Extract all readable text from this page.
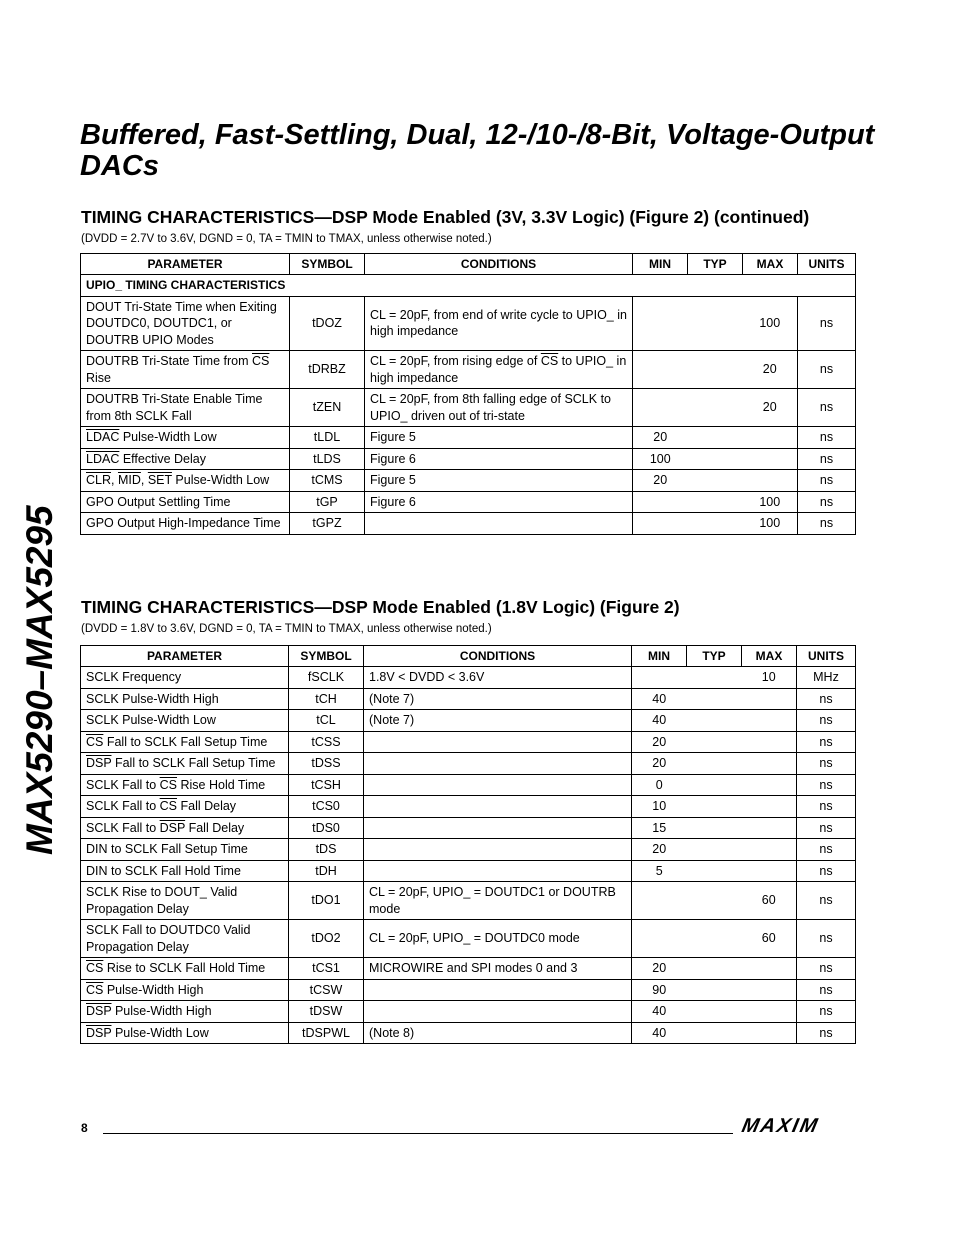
MAX5290–MAX5295
Buffered, Fast-Settling, Dual, 12-/10-/8-Bit, Voltage-Output DACs
TIMING CHARACTERISTICS—DSP Mode Enabled (3V, 3.3V Logic) (Figure 2) (continued)
(DVDD = 2.7V to 3.6V, DGND = 0, TA = TMIN to TMAX, unless otherwise noted.)
PARAMETER	SYMBOL	CONDITIONS	MIN	TYP	MAX	UNITS
UPIO_ TIMING CHARACTERISTICS						
DOUT Tri-State Time when Exiting DOUTDC0, DOUTDC1, or DOUTRB UPIO Modes	tDOZ	CL = 20pF, from end of write cycle to UPIO_ in high impedance			100	ns
DOUTRB Tri-State Time from $\overline{CS}$ Rise	tDRBZ	CL = 20pF, from rising edge of $\overline{CS}$ to UPIO_ in high impedance			20	ns
DOUTRB Tri-State Enable Time from 8th SCLK Fall	tZEN	CL = 20pF, from 8th falling edge of SCLK to UPIO_ driven out of tri-state			20	ns
LDAC Pulse-Width Low	tLDL	Figure 5	20			ns
LDAC Effective Delay	tLDS	Figure 6	100			ns
$\overline{CLR}$, $\overline{MID}$, $\overline{SET}$ Pulse-Width Low	tCMS	Figure 5	20			ns
GPO Output Settling Time	tGP	Figure 6			100	ns
GPO Output High-Impedance Time	tGPZ				100	ns
TIMING CHARACTERISTICS—DSP Mode Enabled (1.8V Logic) (Figure 2)
(DVDD = 1.8V to 3.6V, DGND = 0, TA = TMIN to TMAX, unless otherwise noted.)
PARAMETER	SYMBOL	CONDITIONS	MIN	TYP	MAX	UNITS
SCLK Frequency	fSCLK	1.8V < DVDD < 3.6V			10	MHz
SCLK Pulse-Width High	tCH	(Note 7)	40			ns
SCLK Pulse-Width Low	tCL	(Note 7)	40			ns
$\overline{CS}$ Fall to SCLK Fall Setup Time	tCSS		20			ns
$\overline{DSP}$ Fall to SCLK Fall Setup Time	tDSS		20			ns
SCLK Fall to $\overline{CS}$ Rise Hold Time	tCSH		0			ns
SCLK Fall to $\overline{CS}$ Fall Delay	tCS0		10			ns
SCLK Fall to $\overline{DSP}$ Fall Delay	tDS0		15			ns
DIN to SCLK Fall Setup Time	tDS		20			ns
DIN to SCLK Fall Hold Time	tDH		5			ns
SCLK Rise to DOUT_ Valid Propagation Delay	tDO1	CL = 20pF, UPIO_ = DOUTDC1 or DOUTRB mode			60	ns
SCLK Fall to DOUTDC0 Valid Propagation Delay	tDO2	CL = 20pF, UPIO_ = DOUTDC0 mode			60	ns
$\overline{CS}$ Rise to SCLK Fall Hold Time	tCS1	MICROWIRE and SPI modes 0 and 3	20			ns
$\overline{CS}$ Pulse-Width High	tCSW		90			ns
$\overline{DSP}$ Pulse-Width High	tDSW		40			ns
$\overline{DSP}$ Pulse-Width Low	tDSPWL	(Note 8)	40			ns
8	MAXIM
